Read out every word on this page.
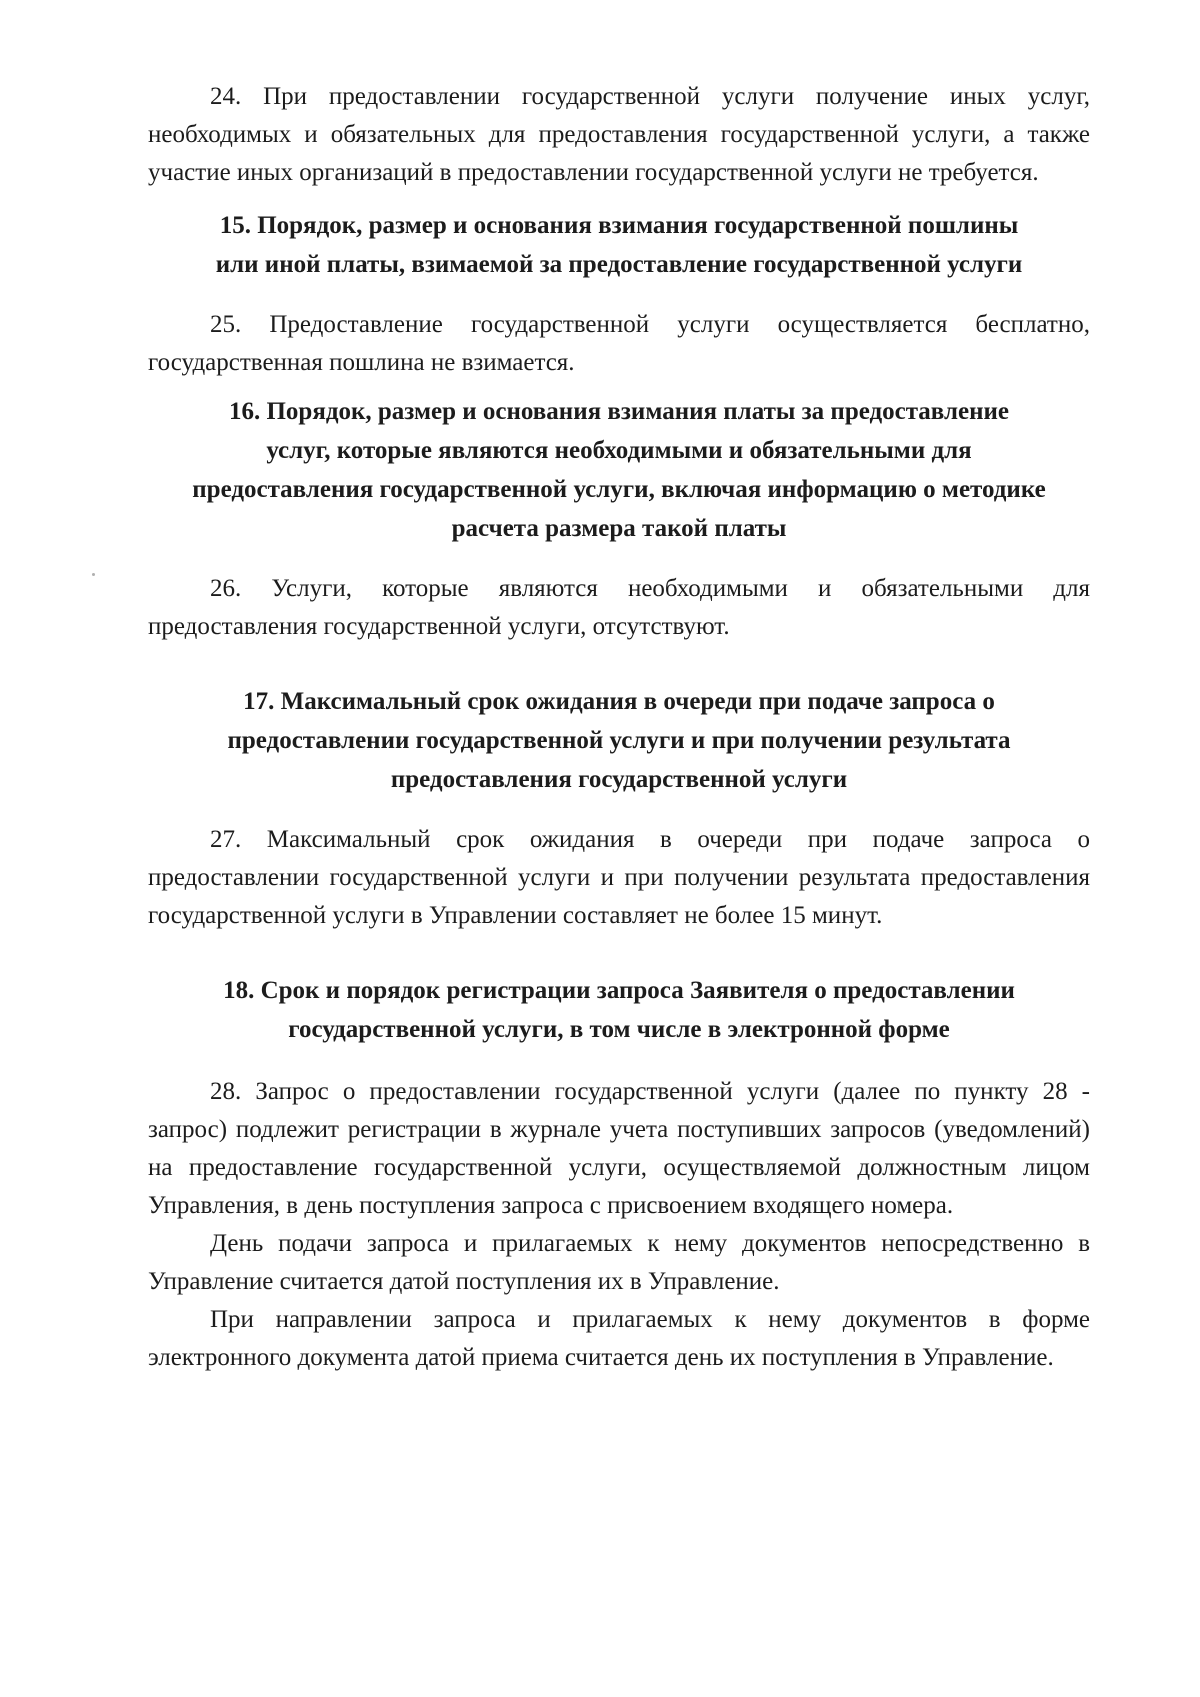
24. При предоставлении государственной услуги получение иных услуг, необходимых и обязательных для предоставления государственной услуги, а также участие иных организаций в предоставлении государственной услуги не требуется.

15. Порядок, размер и основания взимания государственной пошлины
или иной платы, взимаемой за предоставление государственной услуги

25. Предоставление государственной услуги осуществляется бесплатно, государственная пошлина не взимается.

16. Порядок, размер и основания взимания платы за предоставление
услуг, которые являются необходимыми и обязательными для
предоставления государственной услуги, включая информацию о методике
расчета размера такой платы

26. Услуги, которые являются необходимыми и обязательными для предоставления государственной услуги, отсутствуют.

17. Максимальный срок ожидания в очереди при подаче запроса о
предоставлении государственной услуги и при получении результата
предоставления государственной услуги

27. Максимальный срок ожидания в очереди при подаче запроса о предоставлении государственной услуги и при получении результата предоставления государственной услуги в Управлении составляет не более 15 минут.

18. Срок и порядок регистрации запроса Заявителя о предоставлении
государственной услуги, в том числе в электронной форме

28. Запрос о предоставлении государственной услуги (далее по пункту 28 - запрос) подлежит регистрации в журнале учета поступивших запросов (уведомлений) на предоставление государственной услуги, осуществляемой должностным лицом Управления, в день поступления запроса с присвоением входящего номера.

День подачи запроса и прилагаемых к нему документов непосредственно в Управление считается датой поступления их в Управление.

При направлении запроса и прилагаемых к нему документов в форме электронного документа датой приема считается день их поступления в Управление.
